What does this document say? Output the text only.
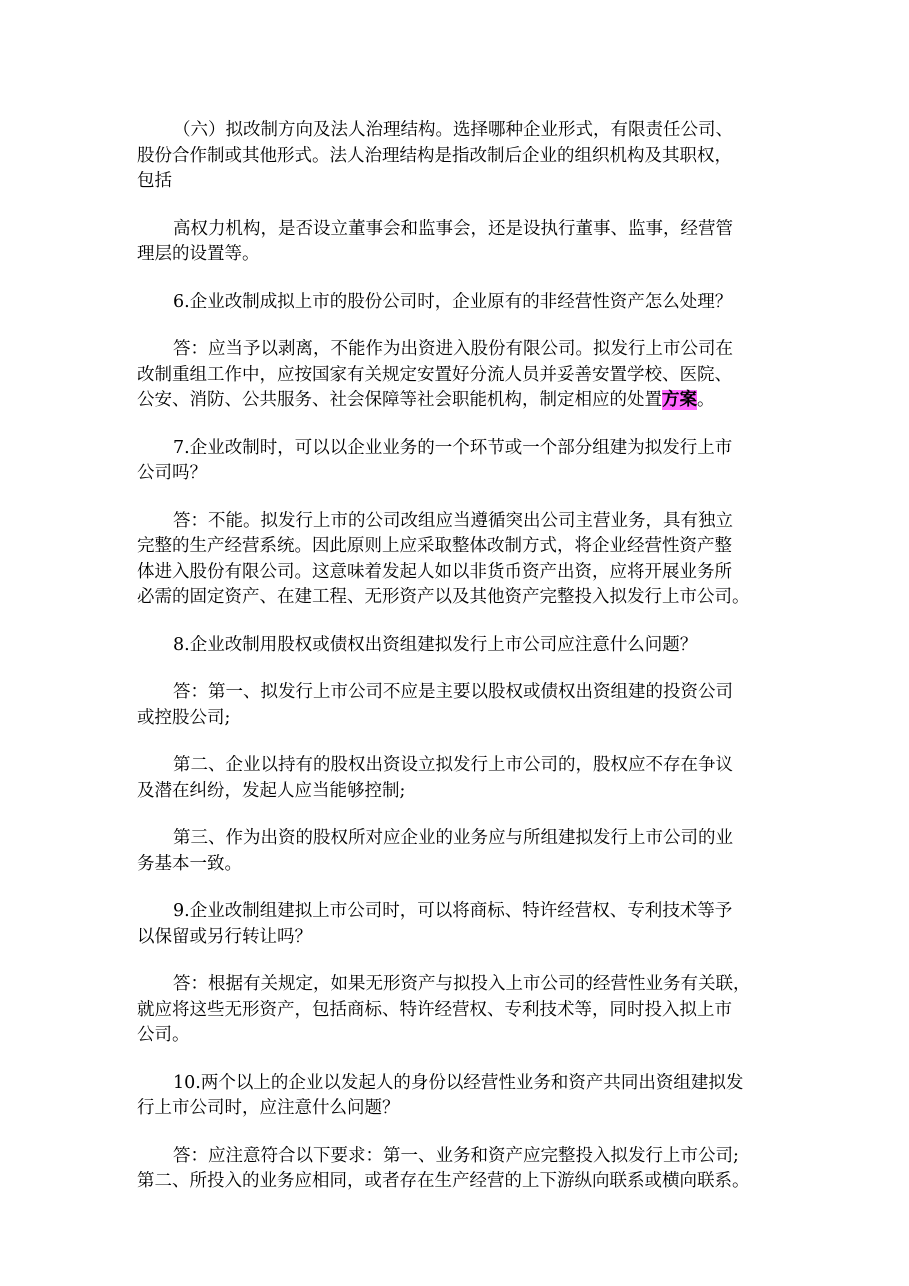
（六）拟改制方向及法人治理结构。选择哪种企业形式，有限责任公司、
股份合作制或其他形式。法人治理结构是指改制后企业的组织机构及其职权，
包括

高权力机构，是否设立董事会和监事会，还是设执行董事、监事，经营管
理层的设置等。

6.企业改制成拟上市的股份公司时，企业原有的非经营性资产怎么处理？

答：应当予以剥离，不能作为出资进入股份有限公司。拟发行上市公司在
改制重组工作中，应按国家有关规定安置好分流人员并妥善安置学校、医院、
公安、消防、公共服务、社会保障等社会职能机构，制定相应的处置方案。

7.企业改制时，可以以企业业务的一个环节或一个部分组建为拟发行上市
公司吗？

答：不能。拟发行上市的公司改组应当遵循突出公司主营业务，具有独立
完整的生产经营系统。因此原则上应采取整体改制方式，将企业经营性资产整
体进入股份有限公司。这意味着发起人如以非货币资产出资，应将开展业务所
必需的固定资产、在建工程、无形资产以及其他资产完整投入拟发行上市公司。

8.企业改制用股权或债权出资组建拟发行上市公司应注意什么问题？

答：第一、拟发行上市公司不应是主要以股权或债权出资组建的投资公司
或控股公司;

第二、企业以持有的股权出资设立拟发行上市公司的，股权应不存在争议
及潜在纠纷，发起人应当能够控制;

第三、作为出资的股权所对应企业的业务应与所组建拟发行上市公司的业
务基本一致。

9.企业改制组建拟上市公司时，可以将商标、特许经营权、专利技术等予
以保留或另行转让吗？

答：根据有关规定，如果无形资产与拟投入上市公司的经营性业务有关联，
就应将这些无形资产，包括商标、特许经营权、专利技术等，同时投入拟上市
公司。

10.两个以上的企业以发起人的身份以经营性业务和资产共同出资组建拟发
行上市公司时，应注意什么问题？

答：应注意符合以下要求：第一、业务和资产应完整投入拟发行上市公司;
第二、所投入的业务应相同，或者存在生产经营的上下游纵向联系或横向联系。
